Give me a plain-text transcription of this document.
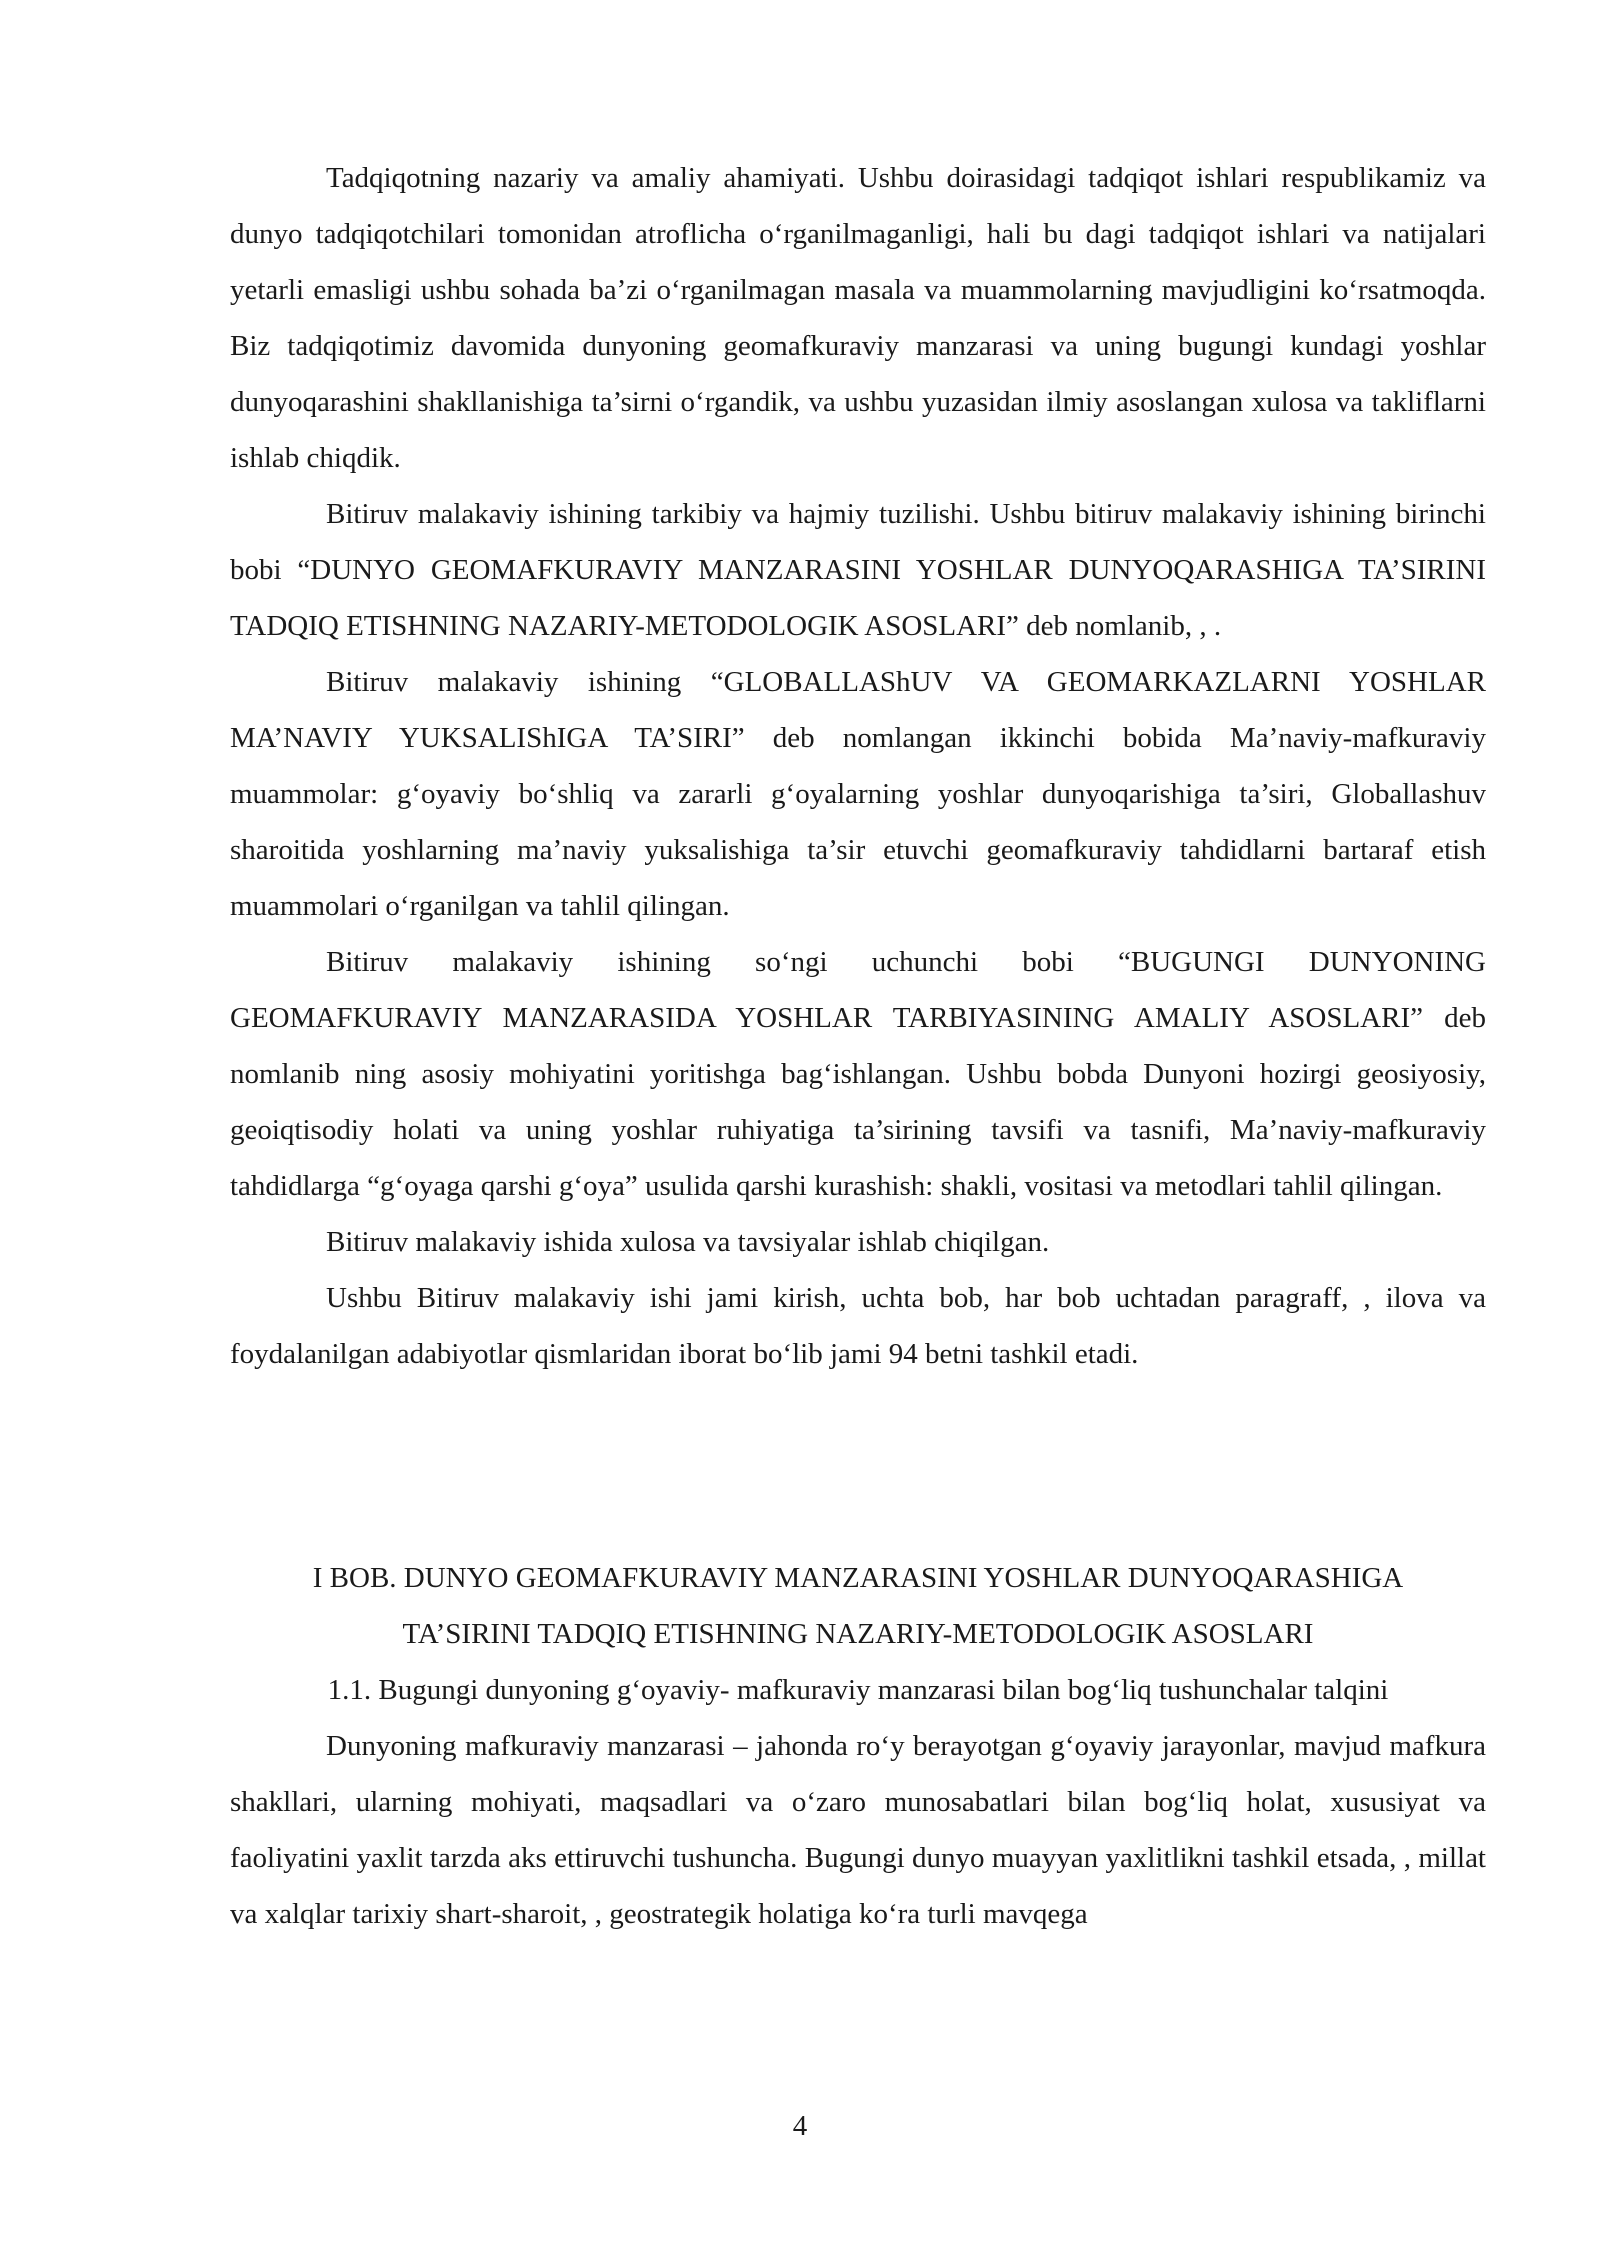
Tadqiqotning nazariy va amaliy ahamiyati. Ushbu doirasidagi tadqiqot ishlari respublikamiz va dunyo tadqiqotchilari tomonidan atroflicha o‘rganilmaganligi, hali bu dagi tadqiqot ishlari va natijalari yetarli emasligi ushbu sohada ba’zi o‘rganilmagan masala va muammolarning mavjudligini ko‘rsatmoqda. Biz tadqiqotimiz davomida dunyoning geomafkuraviy manzarasi va uning bugungi kundagi yoshlar dunyoqarashini shakllanishiga ta’sirni o‘rgandik, va ushbu yuzasidan ilmiy asoslangan xulosa va takliflarni ishlab chiqdik.

Bitiruv malakaviy ishining tarkibiy va hajmiy tuzilishi. Ushbu bitiruv malakaviy ishining birinchi bobi “DUNYO GEOMAFKURAVIY MANZARASINI YOSHLAR DUNYOQARASHIGA TA’SIRINI TADQIQ ETISHNING NAZARIY-METODOLOGIK ASOSLARI” deb nomlanib, , .

Bitiruv malakaviy ishining “GLOBALLAShUV VA GEOMARKAZLARNI YOSHLAR MA’NAVIY YUKSALIShIGA TA’SIRI” deb nomlangan ikkinchi bobida Ma’naviy-mafkuraviy muammolar: g‘oyaviy bo‘shliq va zararli g‘oyalarning yoshlar dunyoqarishiga ta’siri, Globallashuv sharoitida yoshlarning ma’naviy yuksalishiga ta’sir etuvchi geomafkuraviy tahdidlarni bartaraf etish muammolari o‘rganilgan va tahlil qilingan.

Bitiruv malakaviy ishining so‘ngi uchunchi bobi “BUGUNGI DUNYONING GEOMAFKURAVIY MANZARASIDA YOSHLAR TARBIYASINING AMALIY ASOSLARI” deb nomlanib ning asosiy mohiyatini yoritishga bag‘ishlangan. Ushbu bobda Dunyoni hozirgi geosiyosiy, geoiqtisodiy holati va uning yoshlar ruhiyatiga ta’sirining tavsifi va tasnifi, Ma’naviy-mafkuraviy tahdidlarga “g‘oyaga qarshi g‘oya” usulida qarshi kurashish: shakli, vositasi va metodlari tahlil qilingan.

Bitiruv malakaviy ishida xulosa va tavsiyalar ishlab chiqilgan.

Ushbu Bitiruv malakaviy ishi jami kirish, uchta bob, har bob uchtadan paragraff, , ilova va foydalanilgan adabiyotlar qismlaridan iborat bo‘lib jami 94 betni tashkil etadi.

I BOB. DUNYO GEOMAFKURAVIY MANZARASINI YOSHLAR DUNYOQARASHIGA
TA’SIRINI TADQIQ ETISHNING NAZARIY-METODOLOGIK ASOSLARI

1.1. Bugungi dunyoning g‘oyaviy- mafkuraviy manzarasi bilan bog‘liq tushunchalar talqini

Dunyoning mafkuraviy manzarasi – jahonda ro‘y berayotgan g‘oyaviy jarayonlar, mavjud mafkura shakllari, ularning mohiyati, maqsadlari va o‘zaro munosabatlari bilan bog‘liq holat, xususiyat va faoliyatini yaxlit tarzda aks ettiruvchi tushuncha. Bugungi dunyo muayyan yaxlitlikni tashkil etsada, , millat va xalqlar tarixiy shart-sharoit, , geostrategik holatiga ko‘ra turli mavqega

4
